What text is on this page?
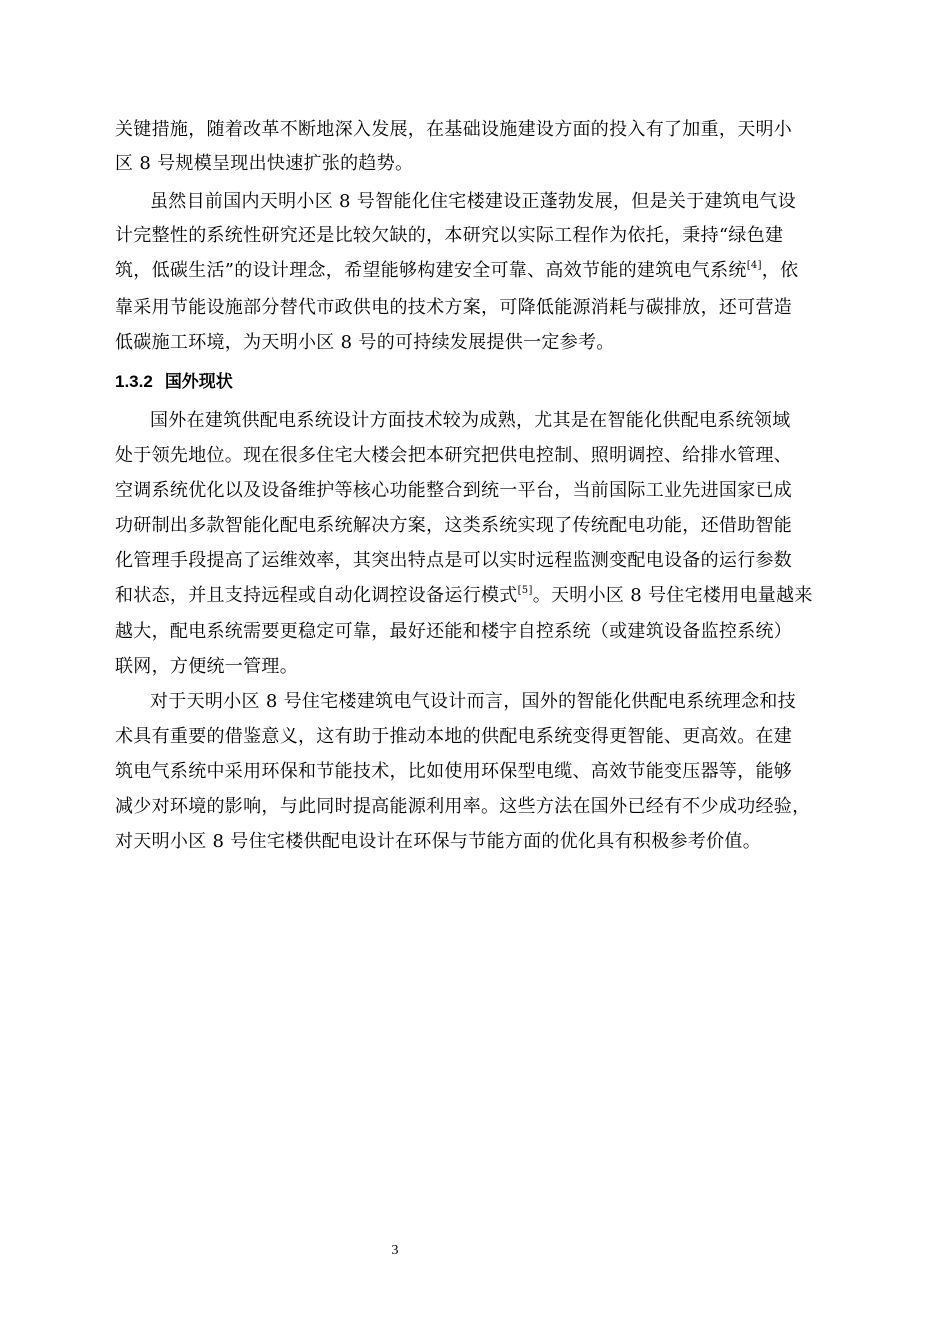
关键措施，随着改革不断地深入发展，在基础设施建设方面的投入有了加重，天明小
区 8 号规模呈现出快速扩张的趋势。
虽然目前国内天明小区 8 号智能化住宅楼建设正蓬勃发展，但是关于建筑电气设
计完整性的系统性研究还是比较欠缺的，本研究以实际工程作为依托，秉持“绿色建
筑，低碳生活”的设计理念，希望能够构建安全可靠、高效节能的建筑电气系统[4]，依
靠采用节能设施部分替代市政供电的技术方案，可降低能源消耗与碳排放，还可营造
低碳施工环境，为天明小区 8 号的可持续发展提供一定参考。
1.3.2 国外现状
国外在建筑供配电系统设计方面技术较为成熟，尤其是在智能化供配电系统领域
处于领先地位。现在很多住宅大楼会把本研究把供电控制、照明调控、给排水管理、
空调系统优化以及设备维护等核心功能整合到统一平台，当前国际工业先进国家已成
功研制出多款智能化配电系统解决方案，这类系统实现了传统配电功能，还借助智能
化管理手段提高了运维效率，其突出特点是可以实时远程监测变配电设备的运行参数
和状态，并且支持远程或自动化调控设备运行模式[5]。天明小区 8 号住宅楼用电量越来
越大，配电系统需要更稳定可靠，最好还能和楼宇自控系统（或建筑设备监控系统）
联网，方便统一管理。
对于天明小区 8 号住宅楼建筑电气设计而言，国外的智能化供配电系统理念和技
术具有重要的借鉴意义，这有助于推动本地的供配电系统变得更智能、更高效。在建
筑电气系统中采用环保和节能技术，比如使用环保型电缆、高效节能变压器等，能够
减少对环境的影响，与此同时提高能源利用率。这些方法在国外已经有不少成功经验，
对天明小区 8 号住宅楼供配电设计在环保与节能方面的优化具有积极参考价值。
3
